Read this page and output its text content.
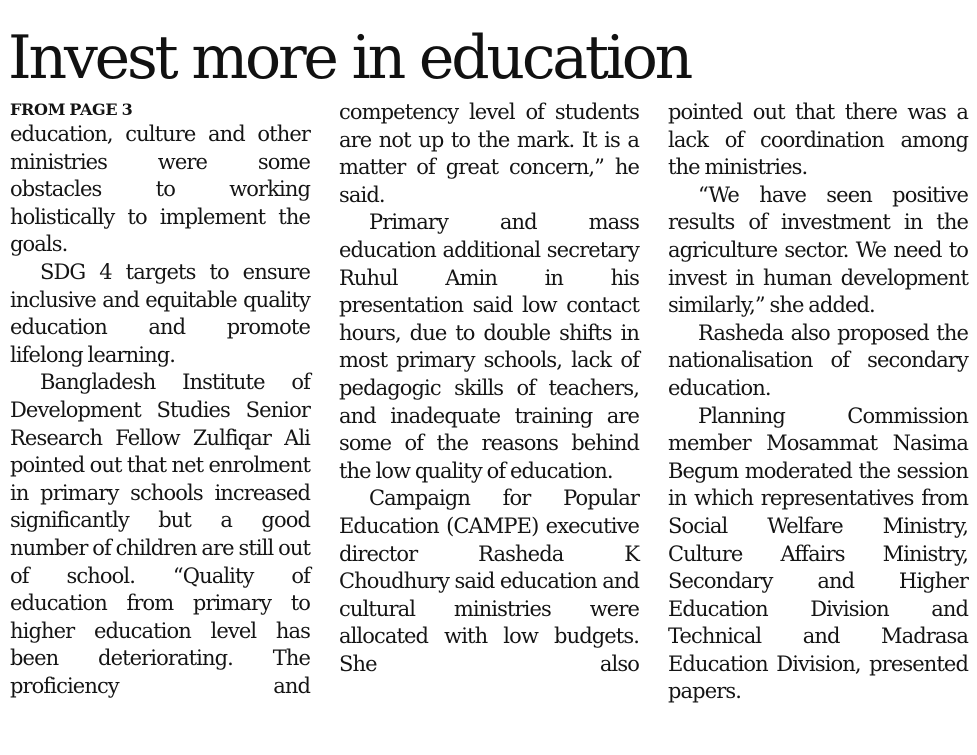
Invest more in education
FROM PAGE 3

education, culture and other ministries were some obstacles to working holistically to implement the goals.

SDG 4 targets to ensure inclusive and equitable quality education and promote lifelong learning.

Bangladesh Institute of Development Studies Senior Research Fellow Zulfiqar Ali pointed out that net enrolment in primary schools increased significantly but a good number of children are still out of school. “Quality of education from primary to higher education level has been deteriorating. The proficiency and

competency level of students are not up to the mark. It is a matter of great concern,” he said.

Primary and mass education additional secretary Ruhul Amin in his presentation said low contact hours, due to double shifts in most primary schools, lack of pedagogic skills of teachers, and inadequate training are some of the reasons behind the low quality of education.

Campaign for Popular Education (CAMPE) executive director Rasheda K Choudhury said education and cultural ministries were allocated with low budgets. She also

pointed out that there was a lack of coordination among the ministries.

“We have seen positive results of investment in the agriculture sector. We need to invest in human development similarly,” she added.

Rasheda also proposed the nationalisation of secondary education.

Planning Commission member Mosammat Nasima Begum moderated the session in which representatives from Social Welfare Ministry, Culture Affairs Ministry, Secondary and Higher Education Division and Technical and Madrasa Education Division, presented papers.
